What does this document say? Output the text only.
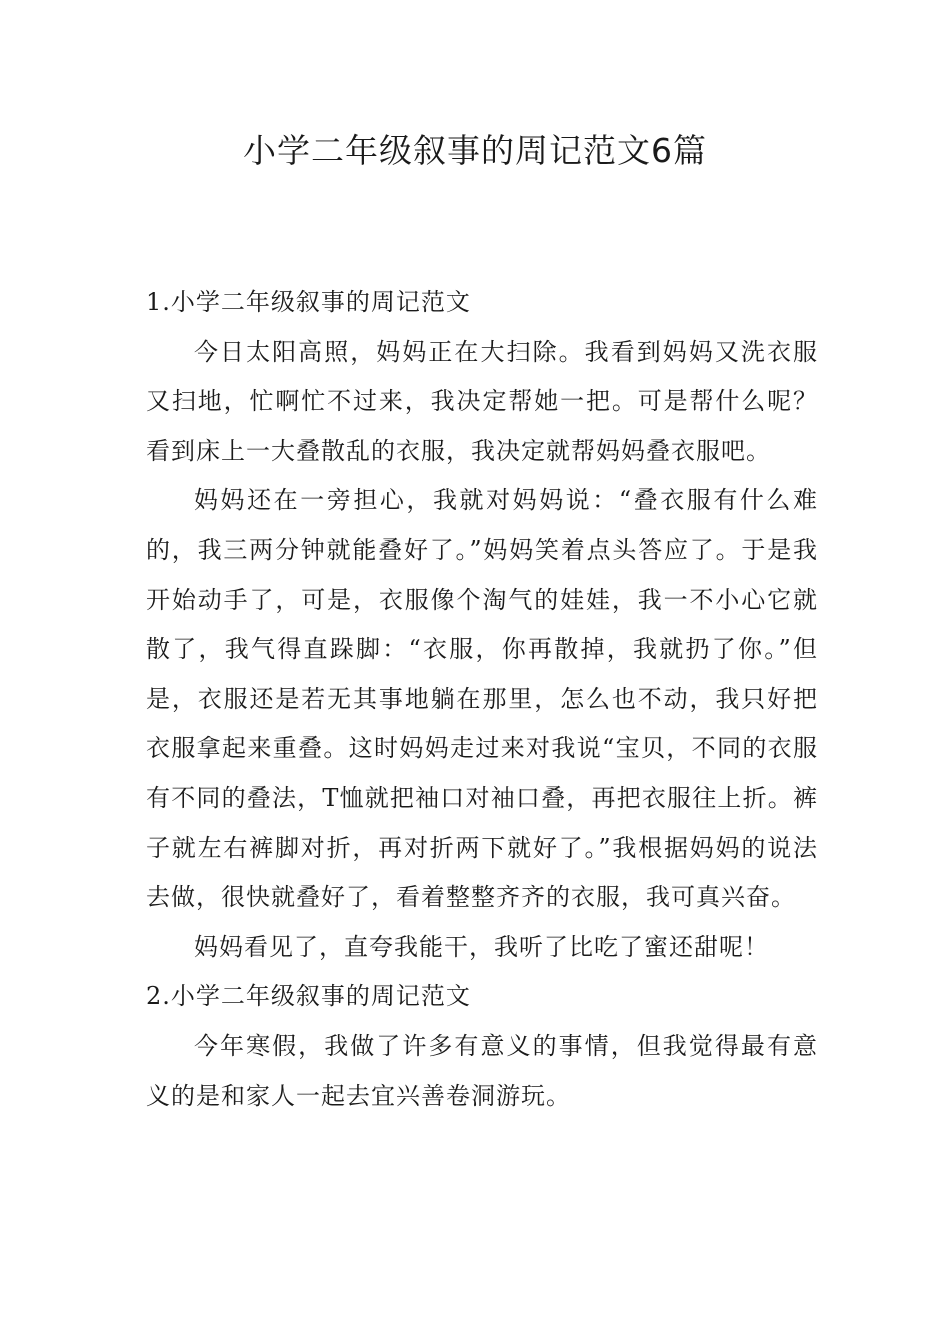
小学二年级叙事的周记范文6篇
1.小学二年级叙事的周记范文

今日太阳高照，妈妈正在大扫除。我看到妈妈又洗衣服又扫地，忙啊忙不过来，我决定帮她一把。可是帮什么呢？看到床上一大叠散乱的衣服，我决定就帮妈妈叠衣服吧。

妈妈还在一旁担心，我就对妈妈说：“叠衣服有什么难的，我三两分钟就能叠好了。”妈妈笑着点头答应了。于是我开始动手了，可是，衣服像个淘气的娃娃，我一不小心它就散了，我气得直跺脚：“衣服，你再散掉，我就扔了你。”但是，衣服还是若无其事地躺在那里，怎么也不动，我只好把衣服拿起来重叠。这时妈妈走过来对我说“宝贝，不同的衣服有不同的叠法，T恤就把袖口对袖口叠，再把衣服往上折。裤子就左右裤脚对折，再对折两下就好了。”我根据妈妈的说法去做，很快就叠好了，看着整整齐齐的衣服，我可真兴奋。

妈妈看见了，直夸我能干，我听了比吃了蜜还甜呢！

2.小学二年级叙事的周记范文

今年寒假，我做了许多有意义的事情，但我觉得最有意义的是和家人一起去宜兴善卷洞游玩。
